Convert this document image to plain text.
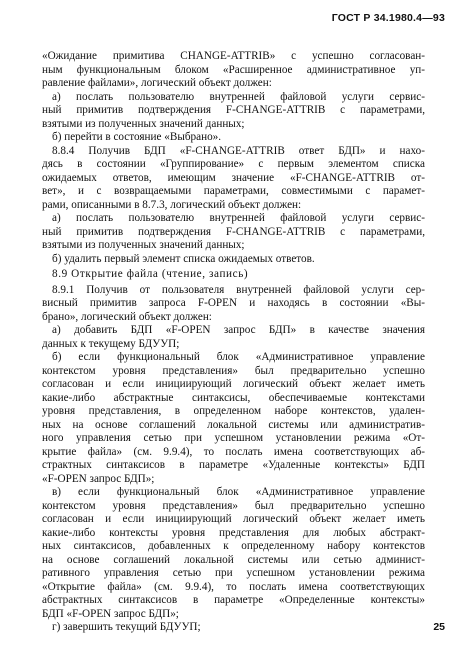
ГОСТ Р 34.1980.4—93
«Ожидание примитива CHANGE-ATTRIB» с успешно согласован-
ным функциональным блоком «Расширенное административное уп-
равление файлами», логический объект должен:
а) послать пользователю внутренней файловой услуги сервис-
ный примитив подтверждения F-CHANGE-ATTRIB с параметрами,
взятыми из полученных значений данных;
б) перейти в состояние «Выбрано».
8.8.4 Получив БДП «F-CHANGE-ATTRIB ответ БДП» и нахо-
дясь в состоянии «Группирование» с первым элементом списка
ожидаемых ответов, имеющим значение «F-CHANGE-ATTRIB от-
вет», и с возвращаемыми параметрами, совместимыми с парамет-
рами, описанными в 8.7.3, логический объект должен:
а) послать пользователю внутренней файловой услуги сервис-
ный примитив подтверждения F-CHANGE-ATTRIB с параметрами,
взятыми из полученных значений данных;
б) удалить первый элемент списка ожидаемых ответов.
8.9 Открытие файла (чтение, запись)
8.9.1 Получив от пользователя внутренней файловой услуги сер-
висный примитив запроса F-OPEN и находясь в состоянии «Вы-
брано», логический объект должен:
а) добавить БДП «F-OPEN запрос БДП» в качестве значения
данных к текущему БДУУП;
б) если функциональный блок «Административное управление
контекстом уровня представления» был предварительно успешно
согласован и если инициирующий логический объект желает иметь
какие-либо абстрактные синтаксисы, обеспечиваемые контекстами
уровня представления, в определенном наборе контекстов, удален-
ных на основе соглашений локальной системы или административ-
ного управления сетью при успешном установлении режима «От-
крытие файла» (см. 9.9.4), то послать имена соответствующих аб-
страктных синтаксисов в параметре «Удаленные контексты» БДП
«F-OPEN запрос БДП»;
в) если функциональный блок «Административное управление
контекстом уровня представления» был предварительно успешно
согласован и если инициирующий логический объект желает иметь
какие-либо контексты уровня представления для любых абстракт-
ных синтаксисов, добавленных к определенному набору контекстов
на основе соглашений локальной системы или сетью админист-
ративного управления сетью при успешном установлении режима
«Открытие файла» (см. 9.9.4), то послать имена соответствующих
абстрактных синтаксисов в параметре «Определенные контексты»
БДП «F-OPEN запрос БДП»;
г) завершить текущий БДУУП;	25
